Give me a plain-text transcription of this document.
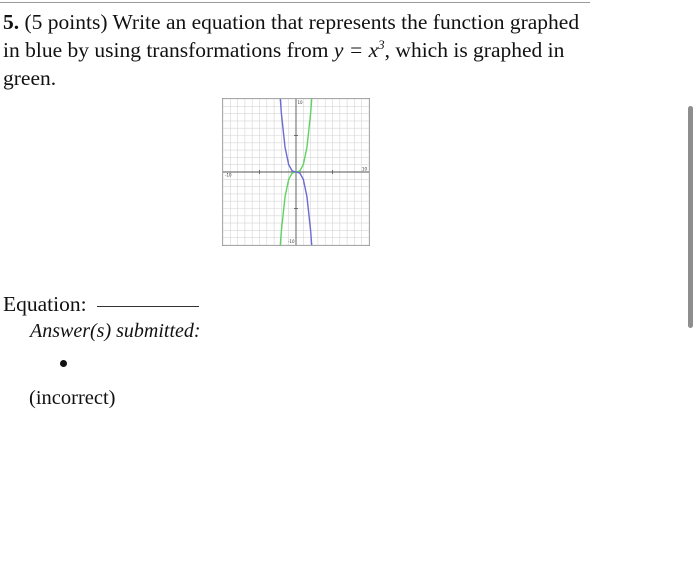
5. (5 points) Write an equation that represents the function graphed in blue by using transformations from $y = x^3$, which is graphed in green.
-10
10
10
-10
Equation:
Answer(s) submitted:
(incorrect)
